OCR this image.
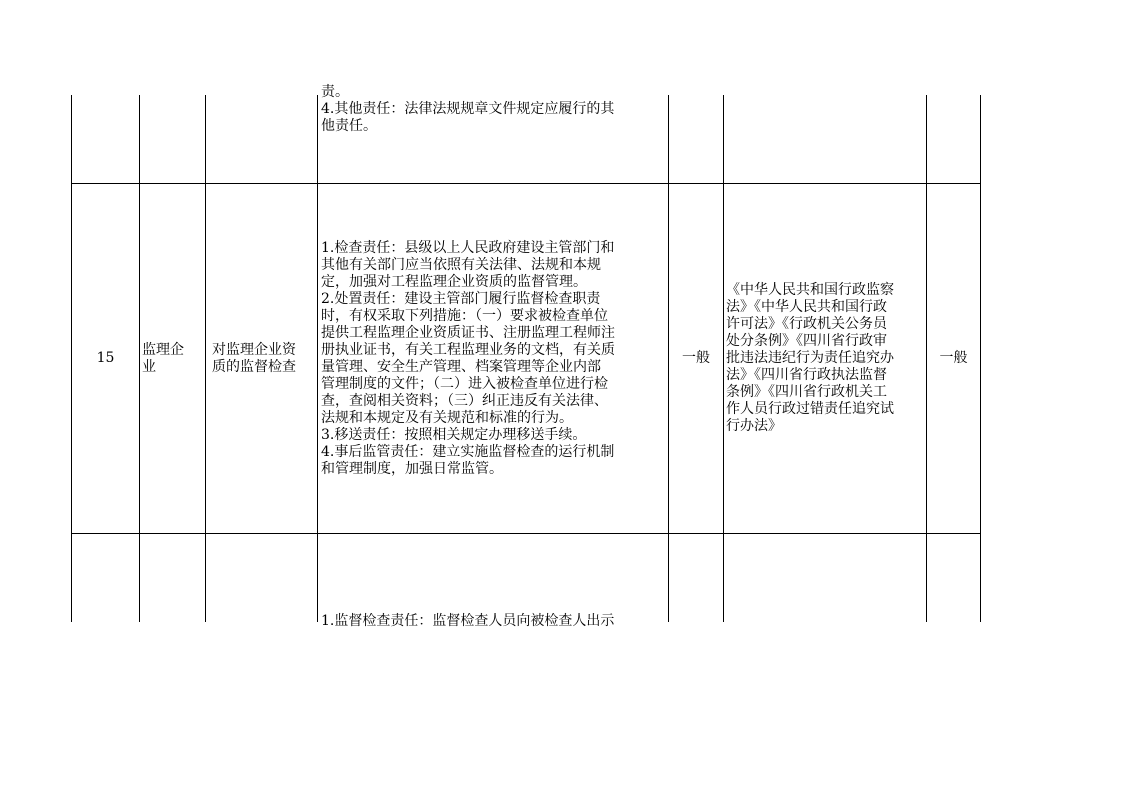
责。
4.其他责任：法律法规规章文件规定应履行的其
他责任。
15
监理企
业
对监理企业资
质的监督检查
1.检查责任：县级以上人民政府建设主管部门和
其他有关部门应当依照有关法律、法规和本规
定，加强对工程监理企业资质的监督管理。
2.处置责任：建设主管部门履行监督检查职责
时，有权采取下列措施：（一）要求被检查单位
提供工程监理企业资质证书、注册监理工程师注
册执业证书，有关工程监理业务的文档，有关质
量管理、安全生产管理、档案管理等企业内部
管理制度的文件；（二）进入被检查单位进行检
查，查阅相关资料；（三）纠正违反有关法律、
法规和本规定及有关规范和标准的行为。
3.移送责任：按照相关规定办理移送手续。
4.事后监管责任：建立实施监督检查的运行机制
和管理制度，加强日常监管。
一般
《中华人民共和国行政监察
法》《中华人民共和国行政
许可法》《行政机关公务员
处分条例》《四川省行政审
批违法违纪行为责任追究办
法》《四川省行政执法监督
条例》《四川省行政机关工
作人员行政过错责任追究试
行办法》
一般
1.监督检查责任：监督检查人员向被检查人出示
